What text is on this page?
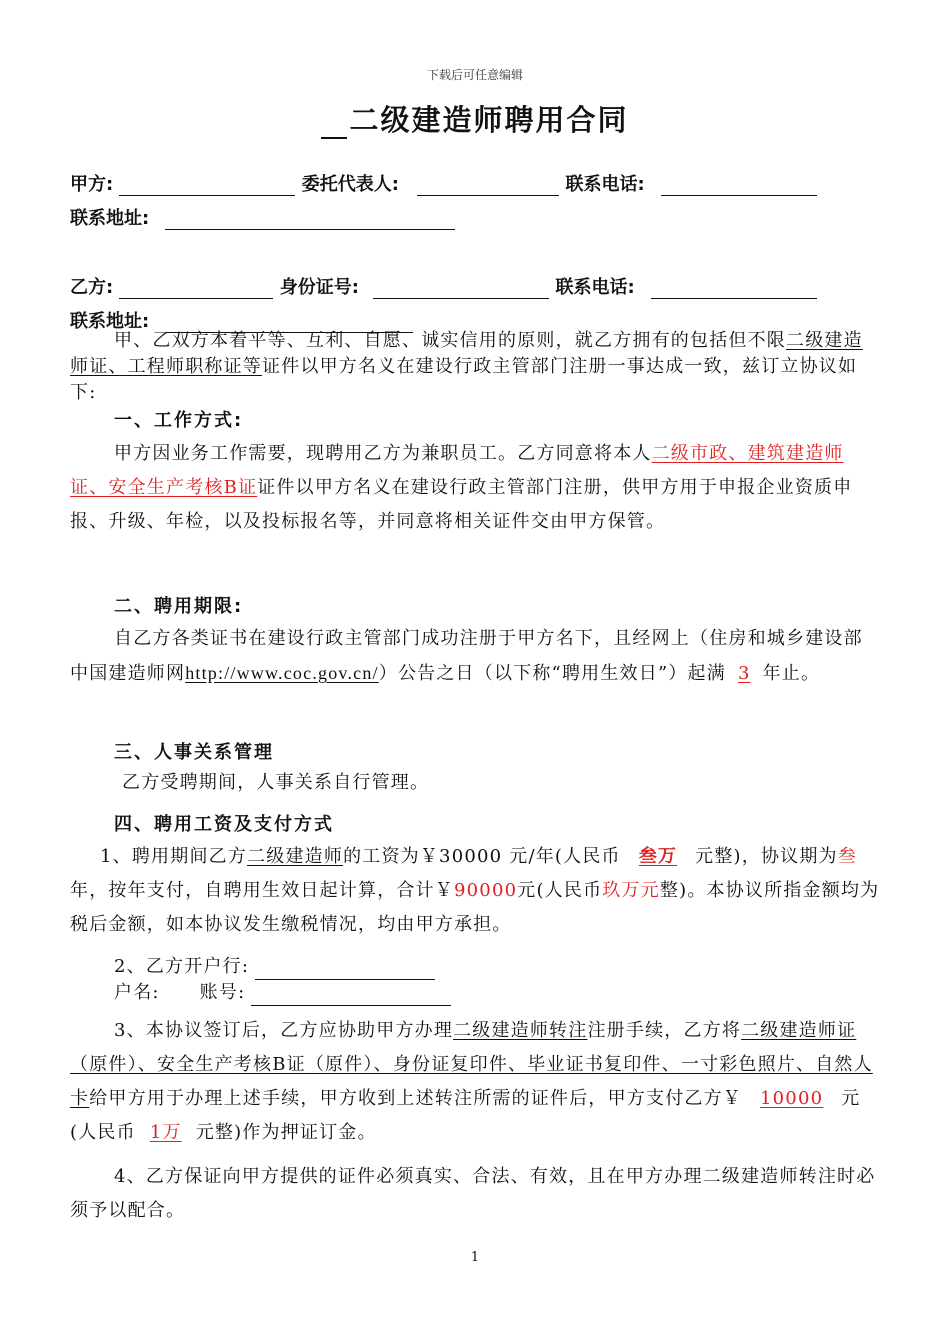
下载后可任意编辑
二级建造师聘用合同
甲方:	委托代表人:	联系电话:
联系地址:
乙方:	身份证号:	联系电话:
联系地址:

甲、乙双方本着平等、互利、自愿、诚实信用的原则，就乙方拥有的包括但不限二级建造师证、工程师职称证等证件以甲方名义在建设行政主管部门注册一事达成一致，兹订立协议如下:

一、工作方式:

甲方因业务工作需要，现聘用乙方为兼职员工。乙方同意将本人二级市政、建筑建造师证、安全生产考核B证证件以甲方名义在建设行政主管部门注册，供甲方用于申报企业资质申报、升级、年检，以及投标报名等，并同意将相关证件交由甲方保管。

二、聘用期限:

自乙方各类证书在建设行政主管部门成功注册于甲方名下，且经网上（住房和城乡建设部中国建造师网http://www.coc.gov.cn/）公告之日（以下称“聘用生效日”）起满 3 年止。

三、人事关系管理

乙方受聘期间，人事关系自行管理。

四、聘用工资及支付方式

1、聘用期间乙方二级建造师的工资为￥30000 元/年(人民币 叁万 元整)，协议期为叁年，按年支付，自聘用生效日起计算，合计￥90000元(人民币玖万元整)。本协议所指金额均为税后金额，如本协议发生缴税情况，均由甲方承担。

2、乙方开户行:

户名: 账号:

3、本协议签订后，乙方应协助甲方办理二级建造师转注注册手续，乙方将二级建造师证（原件）、安全生产考核B证（原件）、身份证复印件、毕业证书复印件、一寸彩色照片、自然人卡给甲方用于办理上述手续，甲方收到上述转注所需的证件后，甲方支付乙方￥ 10000 元(人民币 1万 元整)作为押证订金。

4、乙方保证向甲方提供的证件必须真实、合法、有效，且在甲方办理二级建造师转注时必须予以配合。

1
